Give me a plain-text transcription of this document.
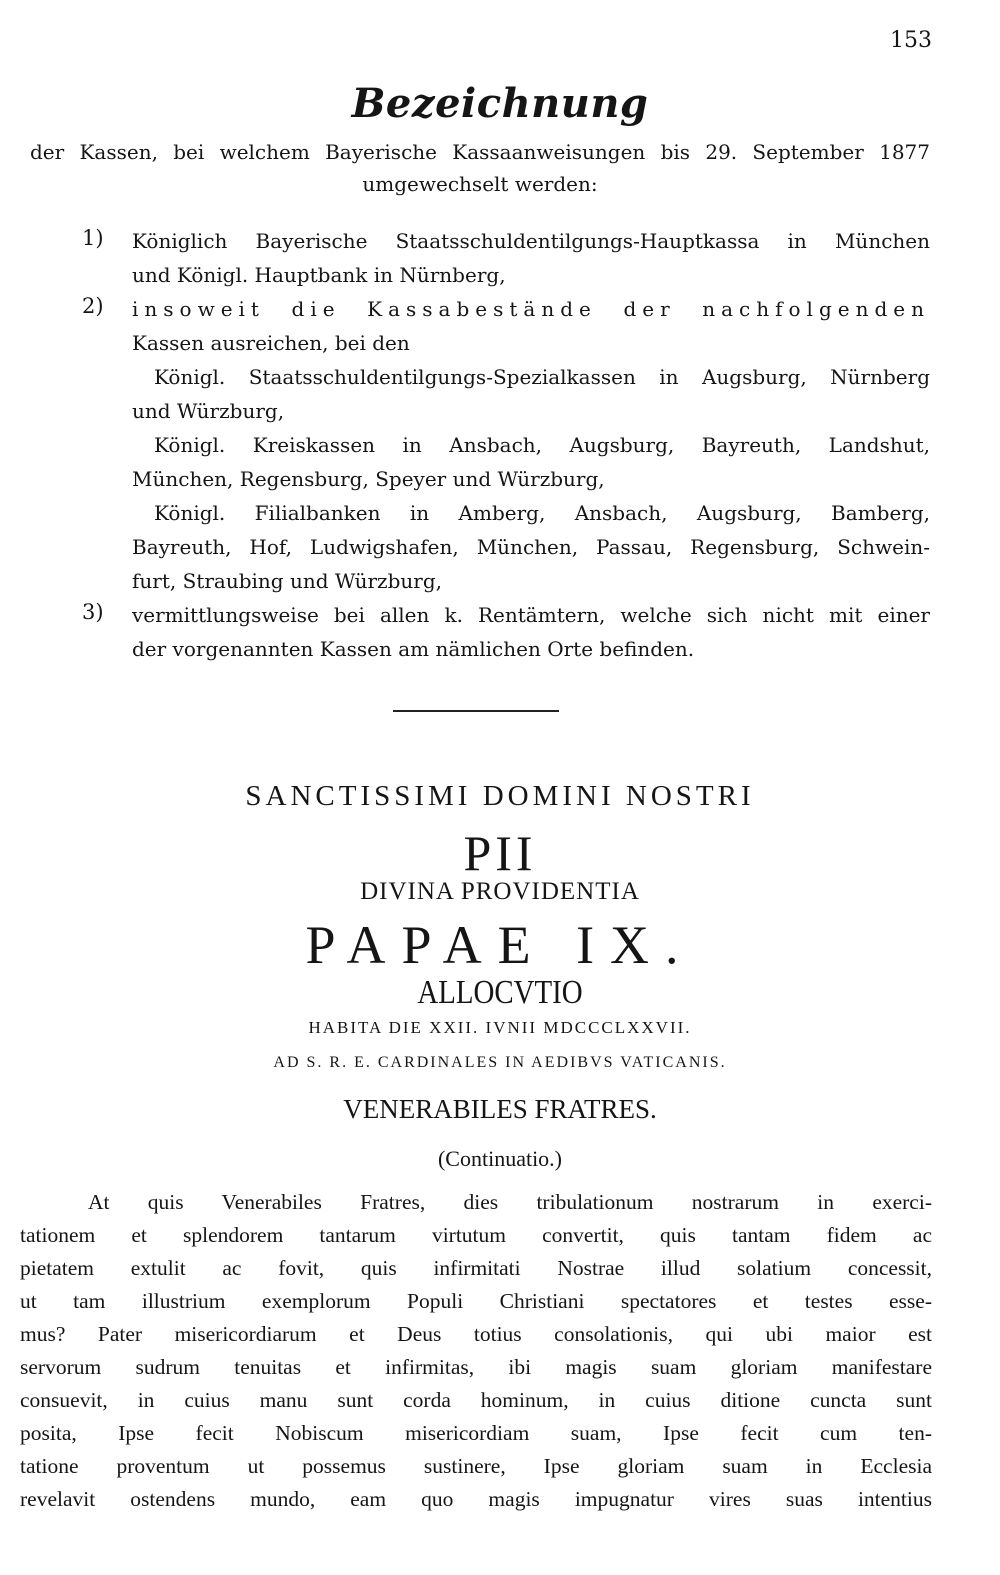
153
Bezeichnung
der Kassen, bei welchem Bayerische Kassaanweisungen bis 29. September 1877
umgewechselt werden:
1)	Königlich Bayerische Staatsschuldentilgungs-Hauptkassa in München
und Königl. Hauptbank in Nürnberg,
2)	insoweit die Kassabestände der nachfolgenden
Kassen ausreichen, bei den
Königl. Staatsschuldentilgungs-Spezialkassen in Augsburg, Nürnberg
und Würzburg,
Königl. Kreiskassen in Ansbach, Augsburg, Bayreuth, Landshut,
München, Regensburg, Speyer und Würzburg,
Königl. Filialbanken in Amberg, Ansbach, Augsburg, Bamberg,
Bayreuth, Hof, Ludwigshafen, München, Passau, Regensburg, Schwein-
furt, Straubing und Würzburg,
3)	vermittlungsweise bei allen k. Rentämtern, welche sich nicht mit einer
der vorgenannten Kassen am nämlichen Orte befinden.
SANCTISSIMI DOMINI NOSTRI
PII
DIVINA PROVIDENTIA
PAPAE IX.
ALLOCVTIO
HABITA DIE XXII. IVNII MDCCCLXXVII.
AD S. R. E. CARDINALES IN AEDIBVS VATICANIS.
VENERABILES FRATRES.
(Continuatio.)
At quis Venerabiles Fratres, dies tribulationum nostrarum in exerci-
tationem et splendorem tantarum virtutum convertit, quis tantam fidem ac
pietatem extulit ac fovit, quis infirmitati Nostrae illud solatium concessit,
ut tam illustrium exemplorum Populi Christiani spectatores et testes esse-
mus? Pater misericordiarum et Deus totius consolationis, qui ubi maior est
servorum sudrum tenuitas et infirmitas, ibi magis suam gloriam manifestare
consuevit, in cuius manu sunt corda hominum, in cuius ditione cuncta sunt
posita, Ipse fecit Nobiscum misericordiam suam, Ipse fecit cum ten-
tatione proventum ut possemus sustinere, Ipse gloriam suam in Ecclesia
revelavit ostendens mundo, eam quo magis impugnatur vires suas intentius
